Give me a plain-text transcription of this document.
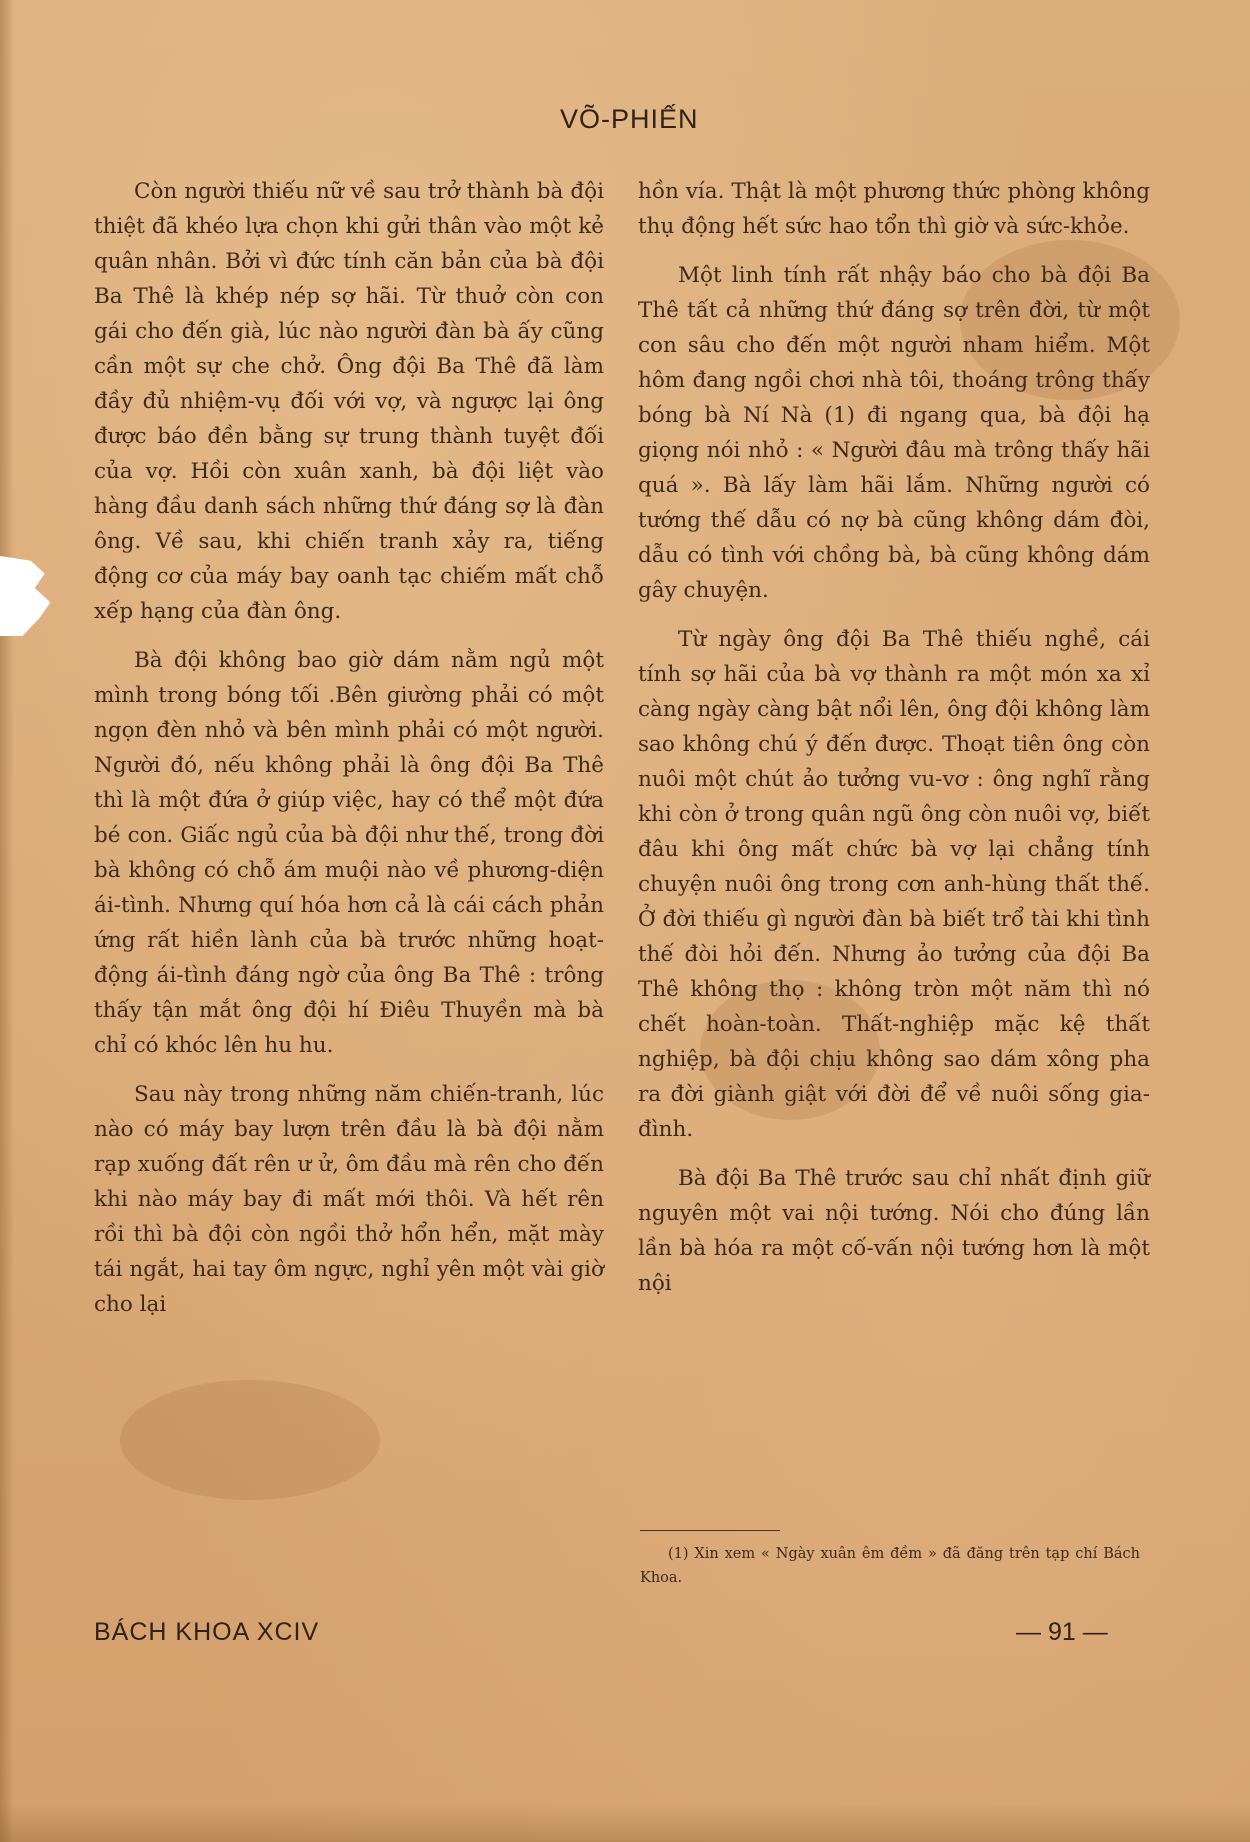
VÕ-PHIẾN

Còn người thiếu nữ về sau trở thành bà đội thiệt đã khéo lựa chọn khi gửi thân vào một kẻ quân nhân. Bởi vì đức tính căn bản của bà đội Ba Thê là khép nép sợ hãi. Từ thuở còn con gái cho đến già, lúc nào người đàn bà ấy cũng cần một sự che chở. Ông đội Ba Thê đã làm đầy đủ nhiệm-vụ đối với vợ, và ngược lại ông được báo đền bằng sự trung thành tuyệt đối của vợ. Hồi còn xuân xanh, bà đội liệt vào hàng đầu danh sách những thứ đáng sợ là đàn ông. Về sau, khi chiến tranh xảy ra, tiếng động cơ của máy bay oanh tạc chiếm mất chỗ xếp hạng của đàn ông.

Bà đội không bao giờ dám nằm ngủ một mình trong bóng tối .Bên giường phải có một ngọn đèn nhỏ và bên mình phải có một người. Người đó, nếu không phải là ông đội Ba Thê thì là một đứa ở giúp việc, hay có thể một đứa bé con. Giấc ngủ của bà đội như thế, trong đời bà không có chỗ ám muội nào về phương-diện ái-tình. Nhưng quí hóa hơn cả là cái cách phản ứng rất hiền lành của bà trước những hoạt-động ái-tình đáng ngờ của ông Ba Thê : trông thấy tận mắt ông đội hí Điêu Thuyền mà bà chỉ có khóc lên hu hu.

Sau này trong những năm chiến-tranh, lúc nào có máy bay lượn trên đầu là bà đội nằm rạp xuống đất rên ư ử, ôm đầu mà rên cho đến khi nào máy bay đi mất mới thôi. Và hết rên rồi thì bà đội còn ngồi thở hổn hển, mặt mày tái ngắt, hai tay ôm ngực, nghỉ yên một vài giờ cho lại

hồn vía. Thật là một phương thức phòng không thụ động hết sức hao tổn thì giờ và sức-khỏe.

Một linh tính rất nhậy báo cho bà đội Ba Thê tất cả những thứ đáng sợ trên đời, từ một con sâu cho đến một người nham hiểm. Một hôm đang ngồi chơi nhà tôi, thoáng trông thấy bóng bà Ní Nà (1) đi ngang qua, bà đội hạ giọng nói nhỏ : « Người đâu mà trông thấy hãi quá ». Bà lấy làm hãi lắm. Những người có tướng thế dẫu có nợ bà cũng không dám đòi, dẫu có tình với chồng bà, bà cũng không dám gây chuyện.

Từ ngày ông đội Ba Thê thiếu nghề, cái tính sợ hãi của bà vợ thành ra một món xa xỉ càng ngày càng bật nổi lên, ông đội không làm sao không chú ý đến được. Thoạt tiên ông còn nuôi một chút ảo tưởng vu-vơ : ông nghĩ rằng khi còn ở trong quân ngũ ông còn nuôi vợ, biết đâu khi ông mất chức bà vợ lại chẳng tính chuyện nuôi ông trong cơn anh-hùng thất thế. Ở đời thiếu gì người đàn bà biết trổ tài khi tình thế đòi hỏi đến. Nhưng ảo tưởng của đội Ba Thê không thọ : không tròn một năm thì nó chết hoàn-toàn. Thất-nghiệp mặc kệ thất nghiệp, bà đội chịu không sao dám xông pha ra đời giành giật với đời để về nuôi sống gia-đình.

Bà đội Ba Thê trước sau chỉ nhất định giữ nguyên một vai nội tướng. Nói cho đúng lần lần bà hóa ra một cố-vấn nội tướng hơn là một nội

(1) Xin xem « Ngày xuân êm đềm » đã đăng trên tạp chí Bách Khoa.
BÁCH KHOA XCIV	— 91 —
